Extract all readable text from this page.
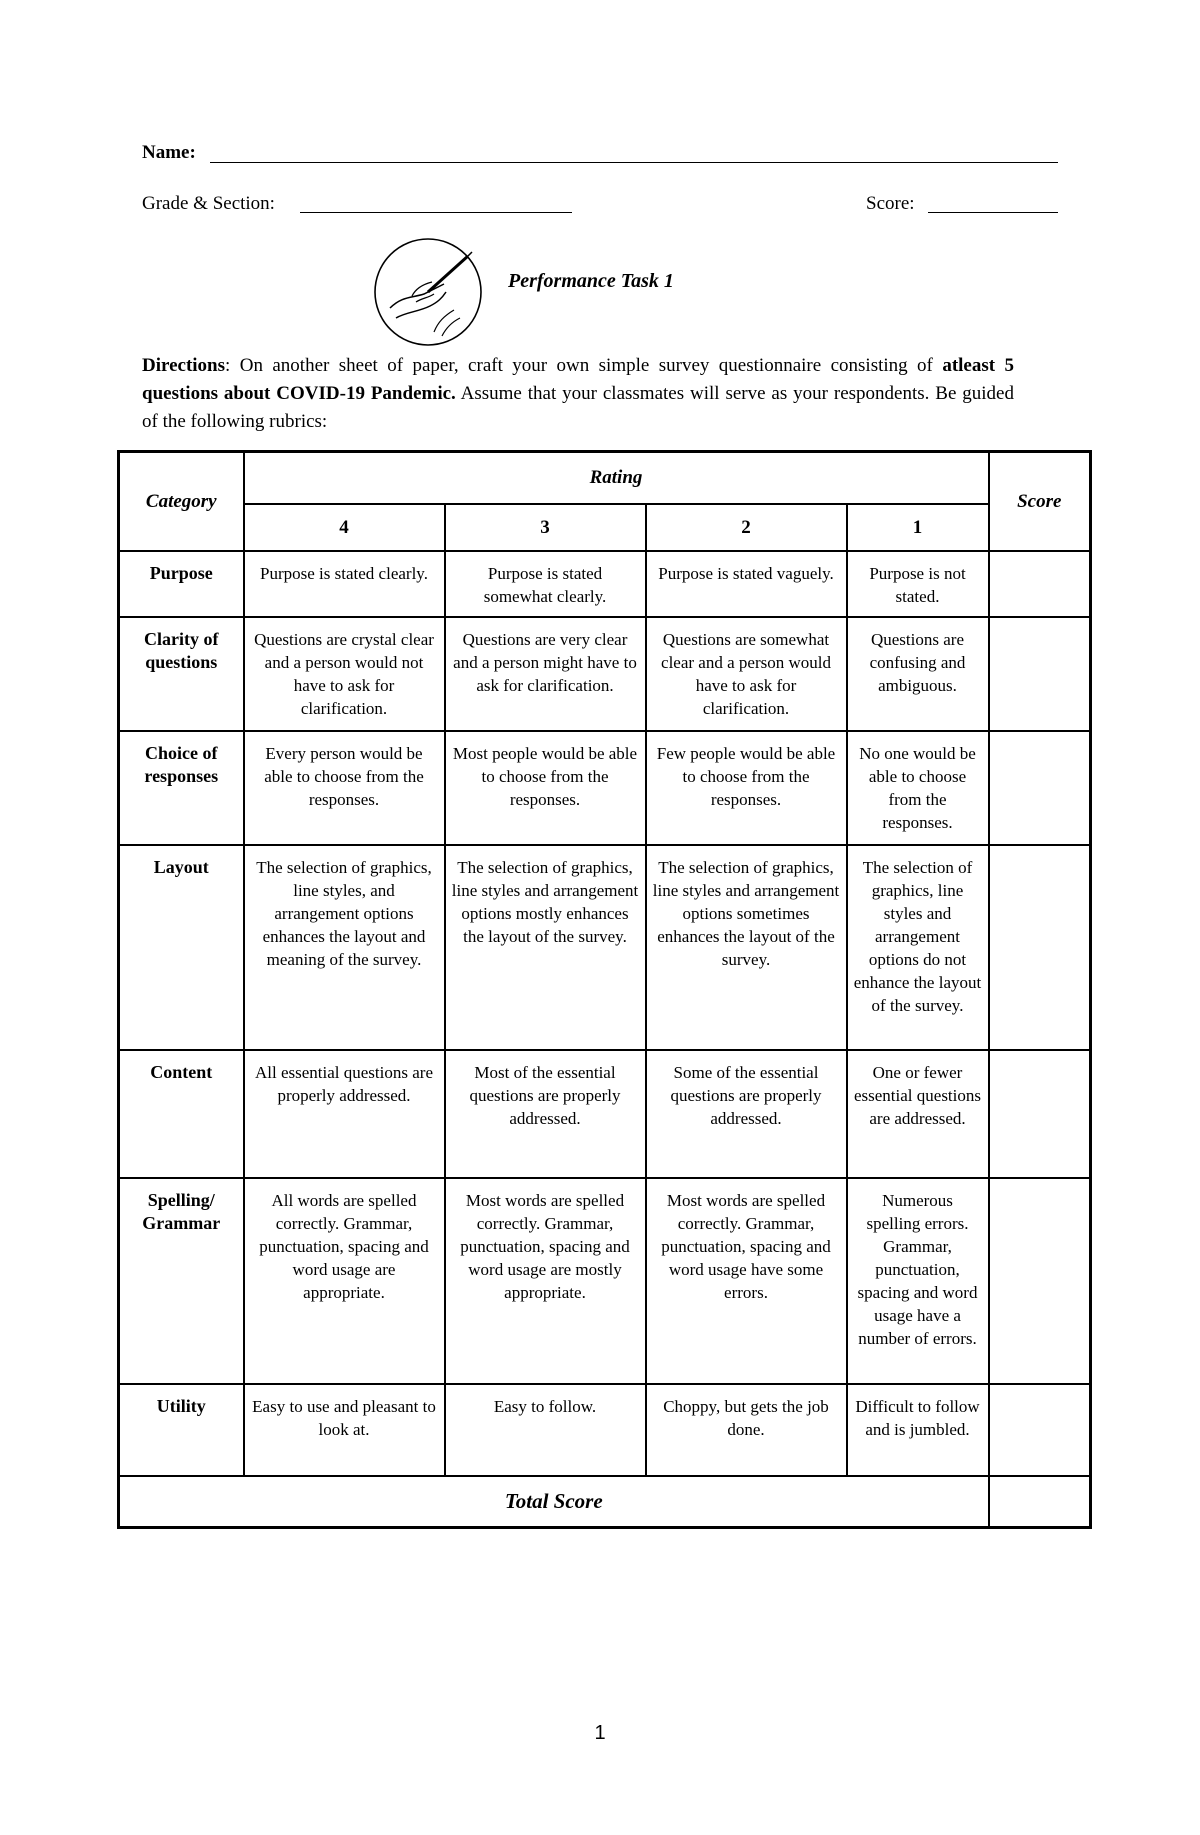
Name:
Grade & Section:	Score:
Performance Task 1
Directions: On another sheet of paper, craft your own simple survey questionnaire consisting of atleast 5 questions about COVID-19 Pandemic. Assume that your classmates will serve as your respondents. Be guided of the following rubrics:
Category	Rating				Score
	4	3	2	1	
Purpose	Purpose is stated clearly.	Purpose is stated somewhat clearly.	Purpose is stated vaguely.	Purpose is not stated.	
Clarity of questions	Questions are crystal clear and a person would not have to ask for clarification.	Questions are very clear and a person might have to ask for clarification.	Questions are somewhat clear and a person would have to ask for clarification.	Questions are confusing and ambiguous.	
Choice of responses	Every person would be able to choose from the responses.	Most people would be able to choose from the responses.	Few people would be able to choose from the responses.	No one would be able to choose from the responses.	
Layout	The selection of graphics, line styles, and arrangement options enhances the layout and meaning of the survey.	The selection of graphics, line styles and arrangement options mostly enhances the layout of the survey.	The selection of graphics, line styles and arrangement options sometimes enhances the layout of the survey.	The selection of graphics, line styles and arrangement options do not enhance the layout of the survey.	
Content	All essential questions are properly addressed.	Most of the essential questions are properly addressed.	Some of the essential questions are properly addressed.	One or fewer essential questions are addressed.	
Spelling/ Grammar	All words are spelled correctly. Grammar, punctuation, spacing and word usage are appropriate.	Most words are spelled correctly. Grammar, punctuation, spacing and word usage are mostly appropriate.	Most words are spelled correctly. Grammar, punctuation, spacing and word usage have some errors.	Numerous spelling errors. Grammar, punctuation, spacing and word usage have a number of errors.	
Utility	Easy to use and pleasant to look at.	Easy to follow.	Choppy, but gets the job done.	Difficult to follow and is jumbled.	
Total Score					
1
